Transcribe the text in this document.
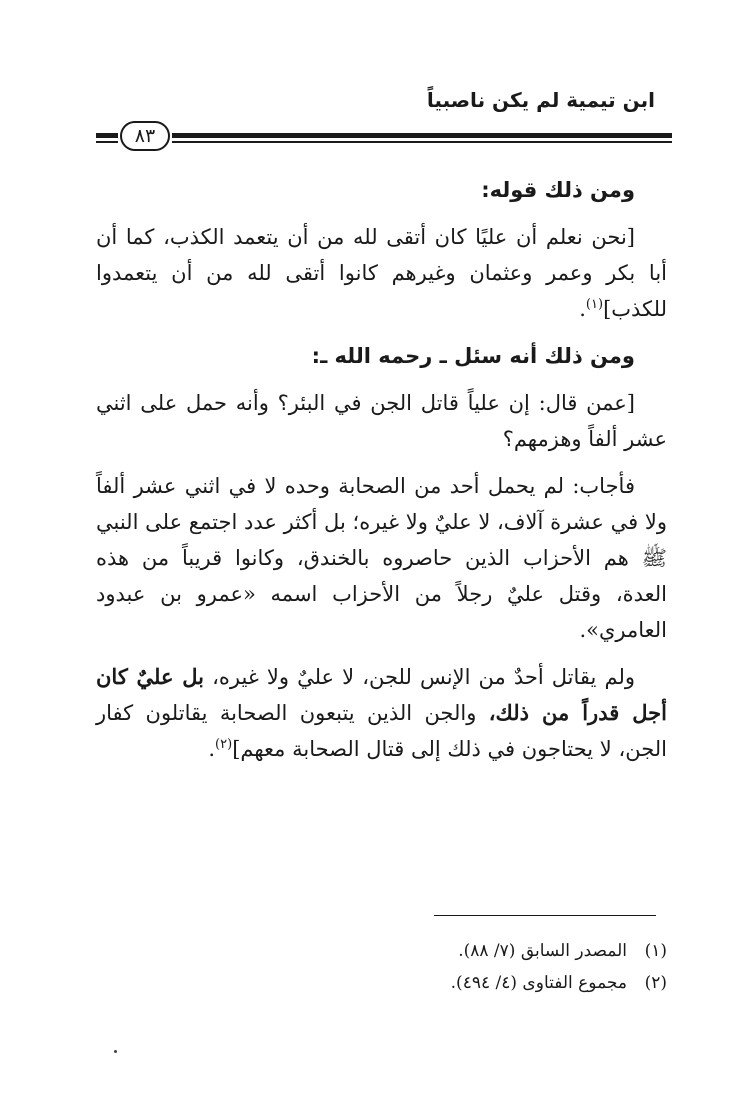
ابن تيمية لم يكن ناصبياً
٨٣

ومن ذلك قوله:

[نحن نعلم أن عليًا كان أتقى لله من أن يتعمد الكذب، كما أن أبا بكر وعمر وعثمان وغيرهم كانوا أتقى لله من أن يتعمدوا للكذب]$^{(١)}$.

ومن ذلك أنه سئل ـ رحمه الله ـ:

[عمن قال: إن علياً قاتل الجن في البئر؟ وأنه حمل على اثني عشر ألفاً وهزمهم؟

فأجاب: لم يحمل أحد من الصحابة وحده لا في اثني عشر ألفاً ولا في عشرة آلاف، لا عليٌ ولا غيره؛ بل أكثر عدد اجتمع على النبي ﷺ هم الأحزاب الذين حاصروه بالخندق، وكانوا قريباً من هذه العدة، وقتل عليٌ رجلاً من الأحزاب اسمه «عمرو بن عبدود العامري».

ولم يقاتل أحدٌ من الإنس للجن، لا عليٌ ولا غيره، بل عليٌ كان أجل قدراً من ذلك، والجن الذين يتبعون الصحابة يقاتلون كفار الجن، لا يحتاجون في ذلك إلى قتال الصحابة معهم]$^{(٢)}$.

(١)المصدر السابق (٧/ ٨٨).
(٢)مجموع الفتاوى (٤/ ٤٩٤).
